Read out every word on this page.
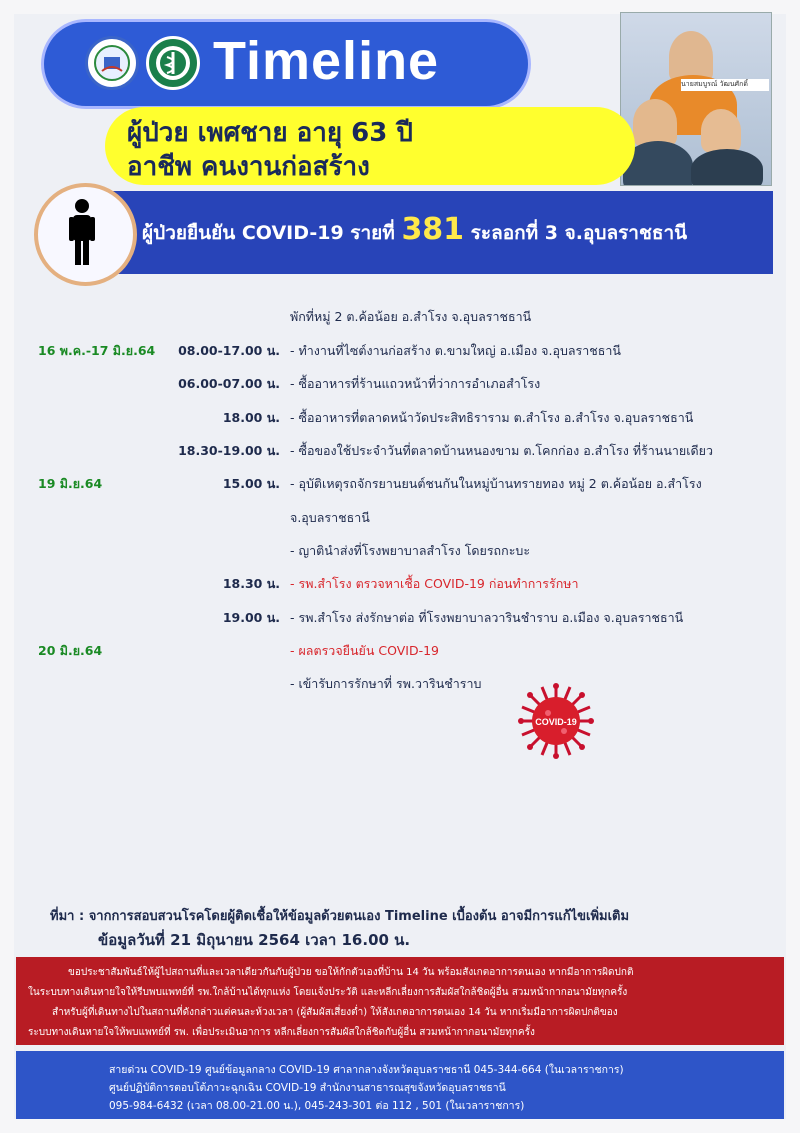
Timeline	นายสมบูรณ์ วัฒนศักดิ์
ผู้ป่วย เพศชาย อายุ 63 ปี
อาชีพ คนงานก่อสร้าง
ผู้ป่วยยืนยัน COVID-19 รายที่ 381 ระลอกที่ 3 จ.อุบลราชธานี
พักที่หมู่ 2 ต.ค้อน้อย อ.สำโรง จ.อุบลราชธานี
16 พ.ค.-17 มิ.ย.64	08.00-17.00 น. - ทำงานที่ไซต์งานก่อสร้าง ต.ขามใหญ่ อ.เมือง จ.อุบลราชธานี
06.00-07.00 น. - ซื้ออาหารที่ร้านแถวหน้าที่ว่าการอำเภอสำโรง
18.00 น. - ซื้ออาหารที่ตลาดหน้าวัดประสิทธิราราม ต.สำโรง อ.สำโรง จ.อุบลราชธานี
18.30-19.00 น. - ซื้อของใช้ประจำวันที่ตลาดบ้านหนองขาม ต.โคกก่อง อ.สำโรง ที่ร้านนายเดียว
19 มิ.ย.64	15.00 น. - อุบัติเหตุรถจักรยานยนต์ชนกันในหมู่บ้านทรายทอง หมู่ 2 ต.ค้อน้อย อ.สำโรง
จ.อุบลราชธานี
- ญาตินำส่งที่โรงพยาบาลสำโรง โดยรถกะบะ
18.30 น. - รพ.สำโรง ตรวจหาเชื้อ COVID-19 ก่อนทำการรักษา
19.00 น. - รพ.สำโรง ส่งรักษาต่อ ที่โรงพยาบาลวารินชำราบ อ.เมือง จ.อุบลราชธานี
20 มิ.ย.64	- ผลตรวจยืนยัน COVID-19
- เข้ารับการรักษาที่ รพ.วารินชำราบ
COVID-19
ที่มา : จากการสอบสวนโรคโดยผู้ติดเชื้อให้ข้อมูลด้วยตนเอง Timeline เบื้องต้น อาจมีการแก้ไขเพิ่มเติม
ข้อมูลวันที่ 21 มิถุนายน 2564 เวลา 16.00 น.
ขอประชาสัมพันธ์ให้ผู้ไปสถานที่และเวลาเดียวกันกับผู้ป่วย ขอให้กักตัวเองที่บ้าน 14 วัน พร้อมสังเกตอาการตนเอง หากมีอาการผิดปกติ
ในระบบทางเดินหายใจให้รีบพบแพทย์ที่ รพ.ใกล้บ้านได้ทุกแห่ง โดยแจ้งประวัติ และหลีกเลี่ยงการสัมผัสใกล้ชิดผู้อื่น สวมหน้ากากอนามัยทุกครั้ง
สำหรับผู้ที่เดินทางไปในสถานที่ดังกล่าวแต่คนละห้วงเวลา (ผู้สัมผัสเสี่ยงต่ำ) ให้สังเกตอาการตนเอง 14 วัน หากเริ่มมีอาการผิดปกติของ
ระบบทางเดินหายใจให้พบแพทย์ที่ รพ. เพื่อประเมินอาการ หลีกเลี่ยงการสัมผัสใกล้ชิดกับผู้อื่น สวมหน้ากากอนามัยทุกครั้ง
สายด่วน COVID-19 ศูนย์ข้อมูลกลาง COVID-19 ศาลากลางจังหวัดอุบลราชธานี 045-344-664 (ในเวลาราชการ)
ศูนย์ปฏิบัติการตอบโต้ภาวะฉุกเฉิน COVID-19 สำนักงานสาธารณสุขจังหวัดอุบลราชธานี
095-984-6432 (เวลา 08.00-21.00 น.), 045-243-301 ต่อ 112 , 501 (ในเวลาราชการ)
